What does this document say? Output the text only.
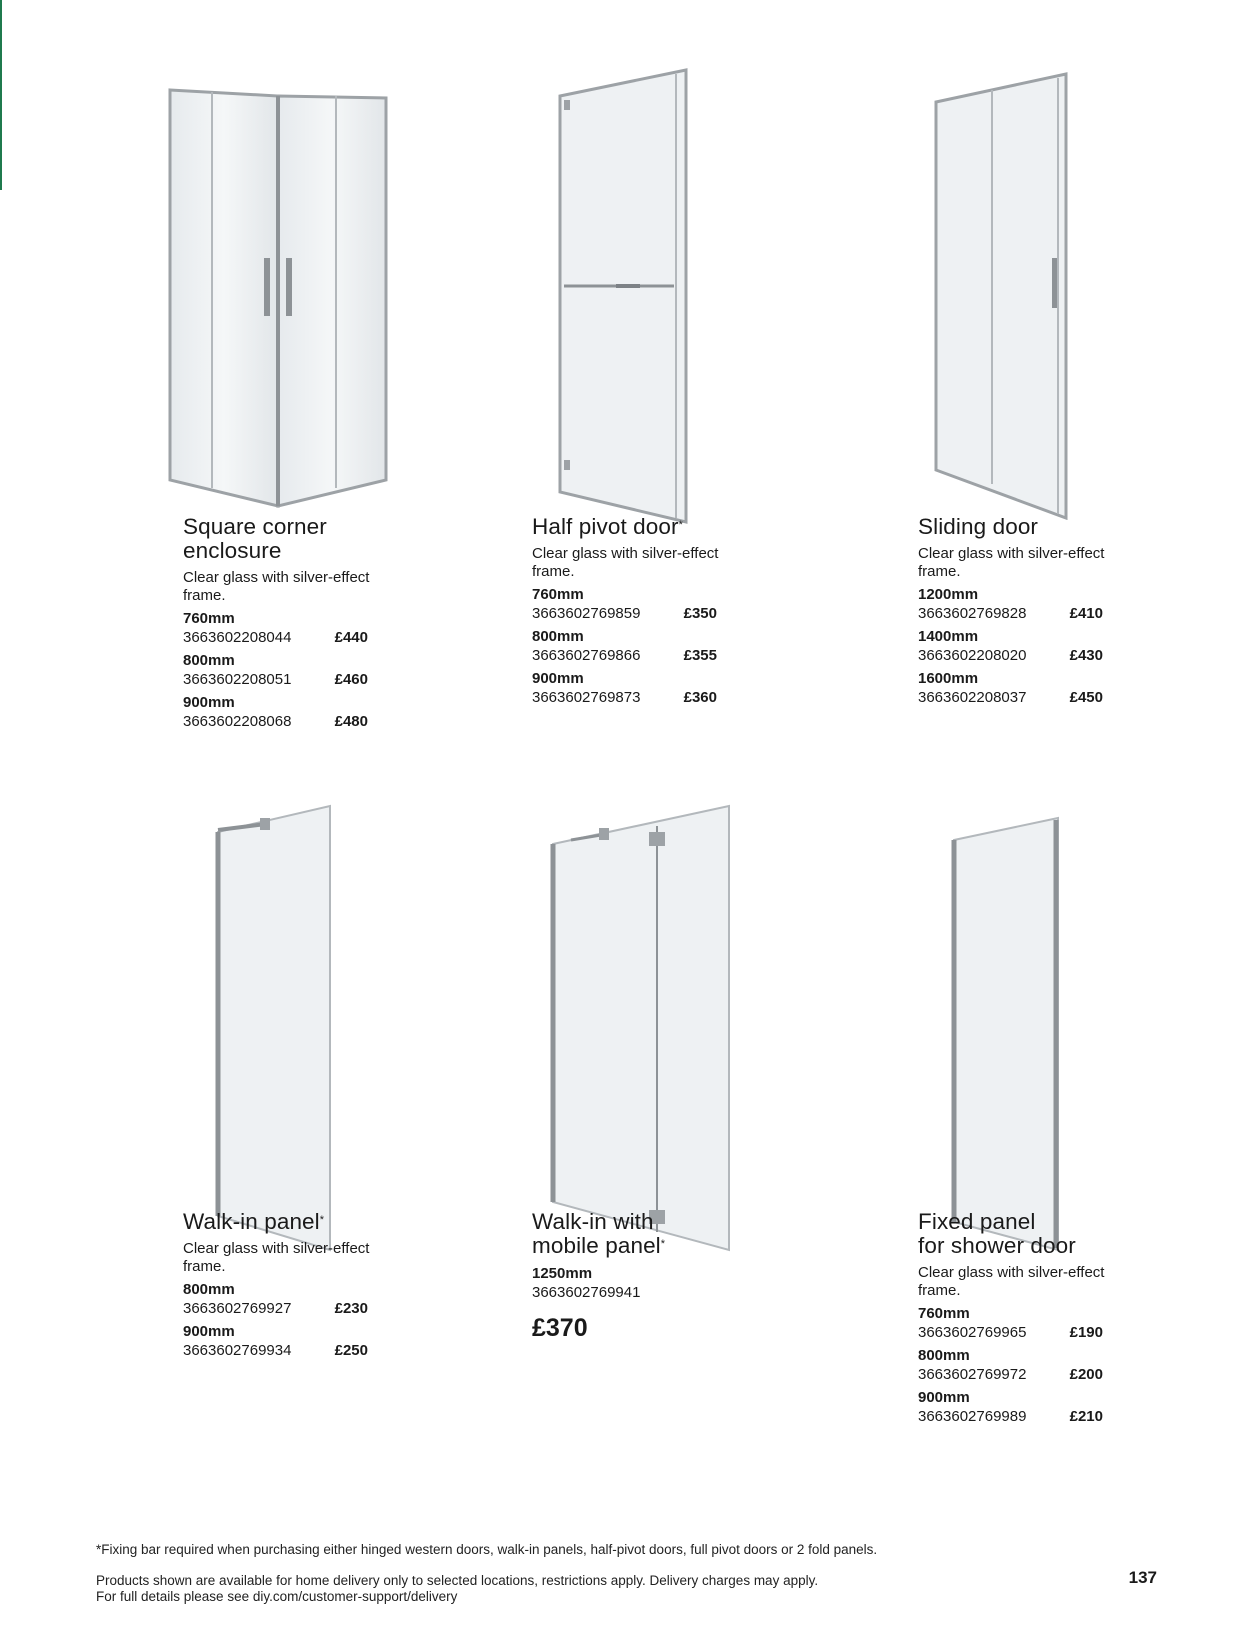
Square corner
enclosure
Clear glass with silver-effect frame.
760mm
3663602208044	£440
800mm
3663602208051	£460
900mm
3663602208068	£480
Half pivot door*
Clear glass with silver-effect frame.
760mm
3663602769859	£350
800mm
3663602769866	£355
900mm
3663602769873	£360
Sliding door
Clear glass with silver-effect frame.
1200mm
3663602769828	£410
1400mm
3663602208020	£430
1600mm
3663602208037	£450
Walk-in panel*
Clear glass with silver-effect frame.
800mm
3663602769927	£230
900mm
3663602769934	£250
Walk-in with
mobile panel*
1250mm
3663602769941
£370
Fixed panel
for shower door
Clear glass with silver-effect frame.
760mm
3663602769965	£190
800mm
3663602769972	£200
900mm
3663602769989	£210
*Fixing bar required when purchasing either hinged western doors, walk-in panels, half-pivot doors, full pivot doors or 2 fold panels.
Products shown are available for home delivery only to selected locations, restrictions apply. Delivery charges may apply.
For full details please see diy.com/customer-support/delivery
137
